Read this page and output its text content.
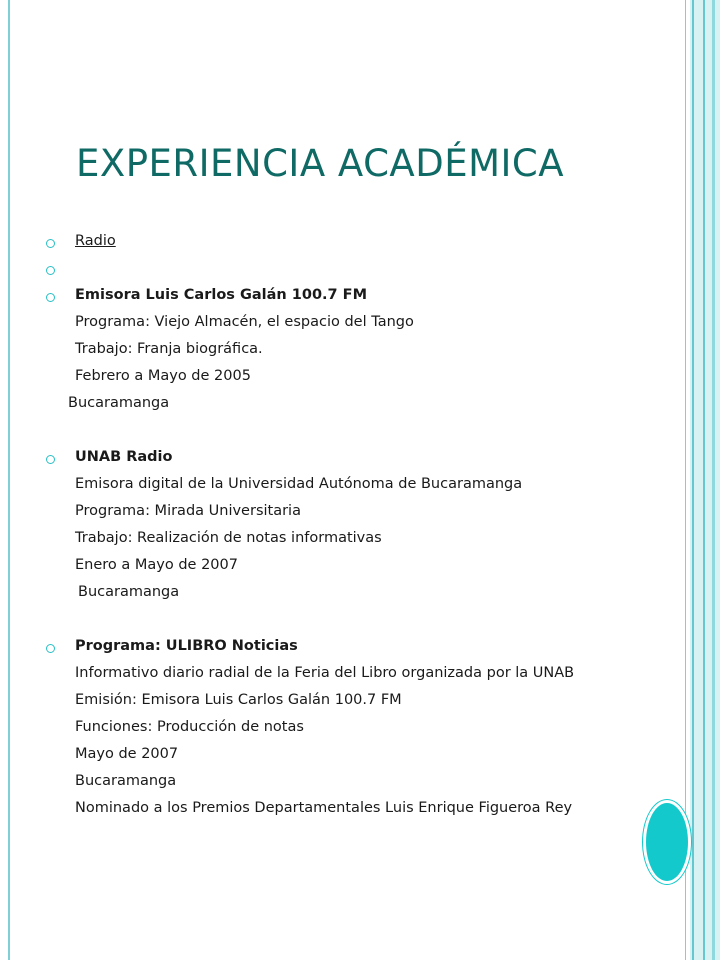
EXPERIENCIA ACADÉMICA
Radio
Emisora Luis Carlos Galán 100.7 FM
Programa: Viejo Almacén, el espacio del Tango
Trabajo: Franja biográfica.
Febrero a Mayo de 2005
Bucaramanga
UNAB Radio
Emisora digital de la Universidad Autónoma de Bucaramanga
Programa: Mirada Universitaria
Trabajo: Realización de notas informativas
Enero a Mayo de 2007
Bucaramanga
Programa: ULIBRO Noticias
Informativo diario radial de la Feria del Libro organizada por la UNAB
Emisión: Emisora Luis Carlos Galán 100.7 FM
Funciones: Producción de notas
Mayo de 2007
Bucaramanga
Nominado a los Premios Departamentales Luis Enrique Figueroa Rey
